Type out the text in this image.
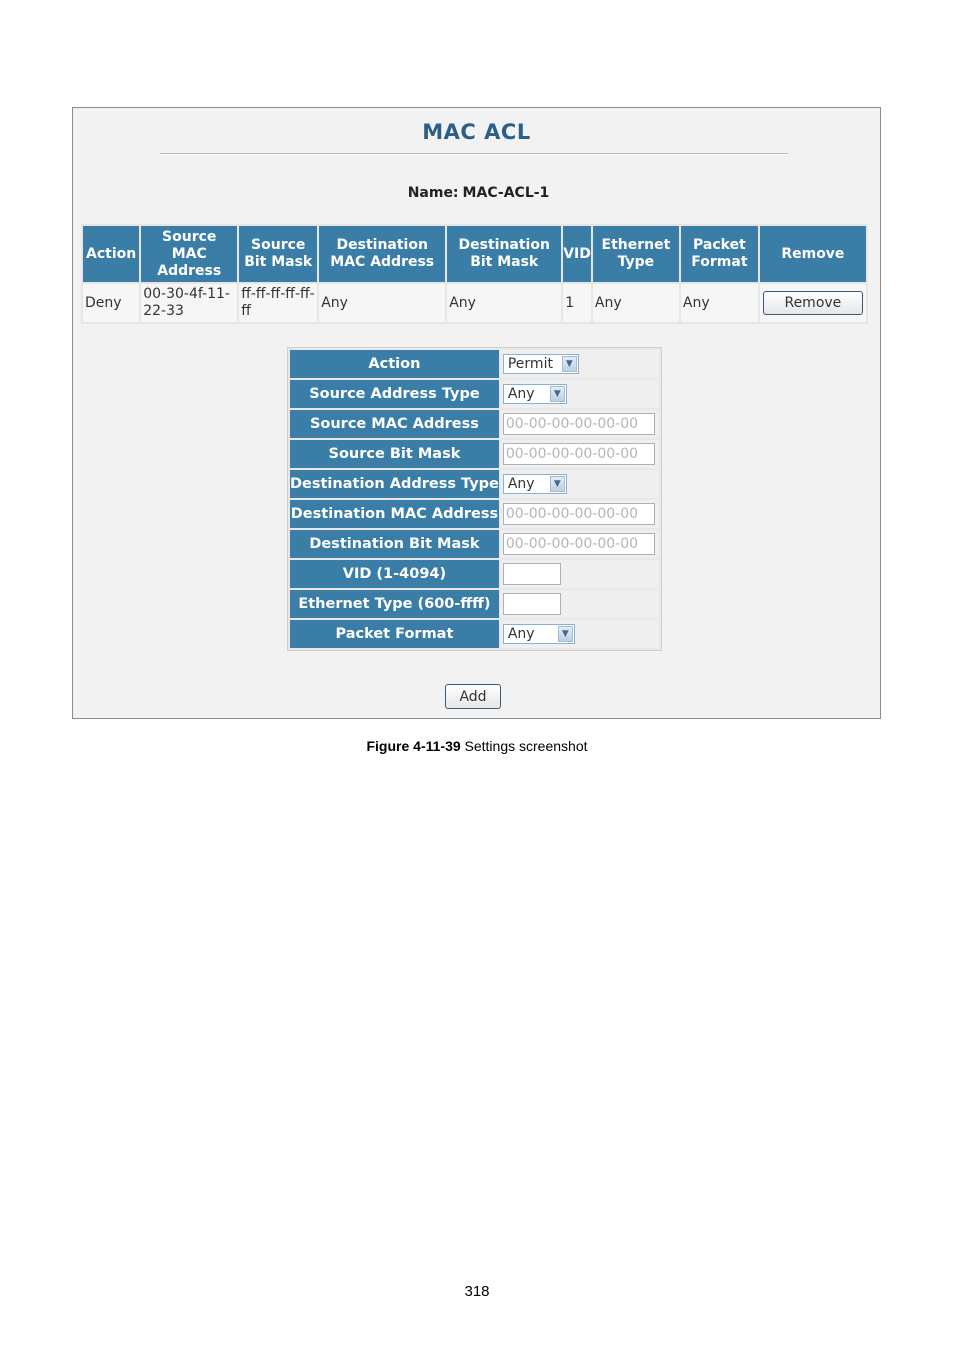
MAC ACL
Name: MAC-ACL-1
Action	Source MAC Address	Source Bit Mask	Destination MAC Address	Destination Bit Mask	VID	Ethernet Type	Packet Format	Remove
Deny	00-30-4f-11-22-33	ff-ff-ff-ff-ff-ff	Any	Any	1	Any	Any	Remove
Action	Permit ▼

Source Address Type	Any ▼

Source MAC Address	00-00-00-00-00-00
Source Bit Mask	00-00-00-00-00-00
Destination Address Type	Any ▼

Destination MAC Address	00-00-00-00-00-00
Destination Bit Mask	00-00-00-00-00-00
VID (1-4094)	
Ethernet Type (600-ffff)	
Packet Format	Any ▼
Add
Figure 4-11-39 Settings screenshot
318
